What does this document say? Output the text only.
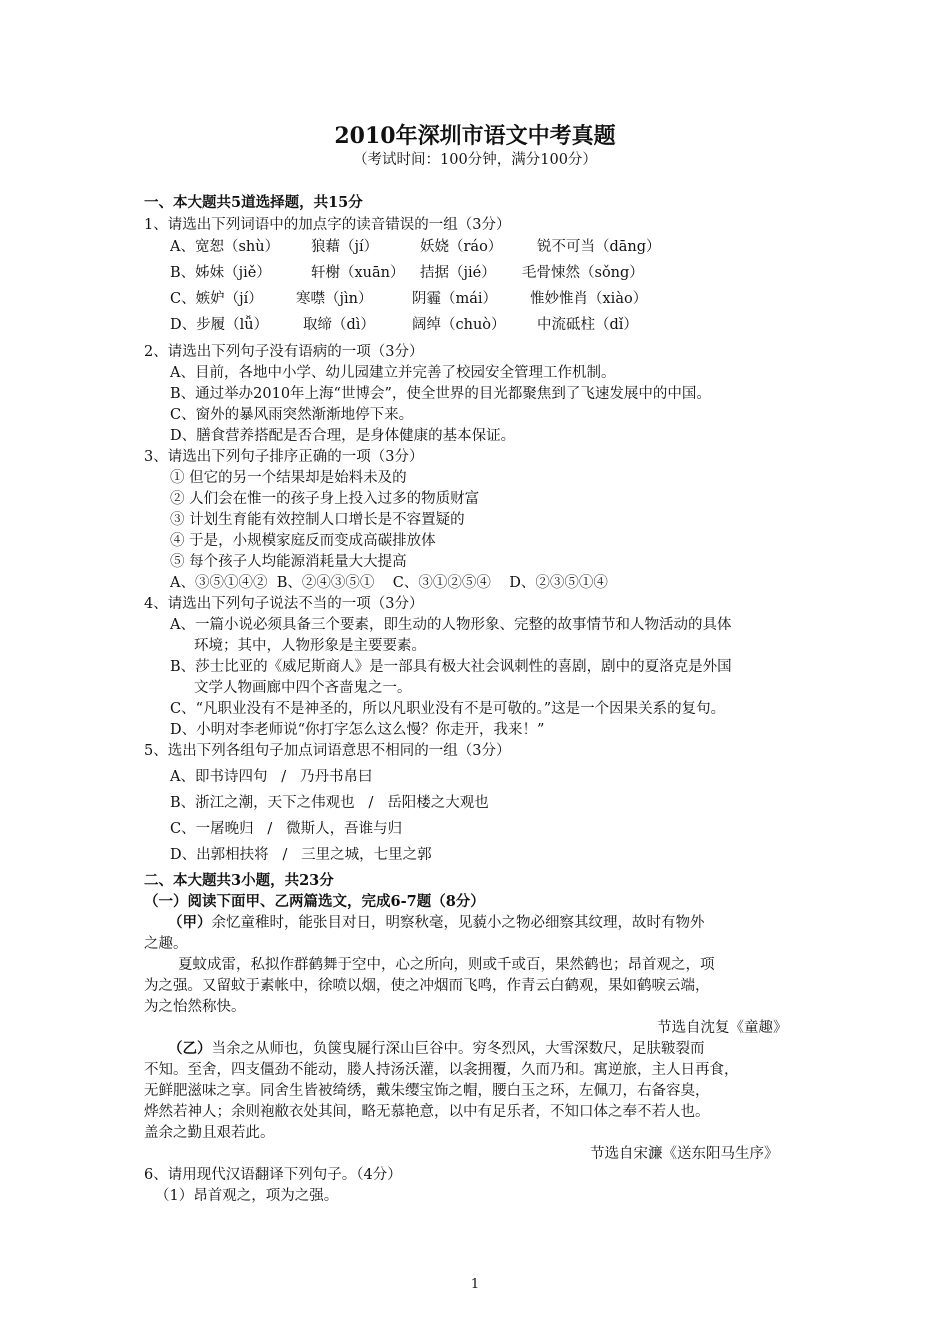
2010年深圳市语文中考真题
（考试时间：100分钟，满分100分）
一、本大题共5道选择题，共15分
1、请选出下列词语中的加点字的读音错误的一组（3分）
A、宽恕（shù） 狼藉（jí）	妖娆（ráo） 锐不可当（dāng）
B、姊妹（jiě）	轩榭（xuān） 拮据（jié） 毛骨悚然（sǒng）
C、嫉妒（jí） 寒噤（jìn）	阴霾（mái） 惟妙惟肖（xiào）
D、步履（lǚ） 取缔（dì）	阔绰（chuò） 中流砥柱（dǐ）
2、请选出下列句子没有语病的一项（3分）
A、目前，各地中小学、幼儿园建立并完善了校园安全管理工作机制。
B、通过举办2010年上海“世博会”，使全世界的目光都聚焦到了飞速发展中的中国。
C、窗外的暴风雨突然渐渐地停下来。
D、膳食营养搭配是否合理，是身体健康的基本保证。
3、请选出下列句子排序正确的一项（3分）
① 但它的另一个结果却是始料未及的
② 人们会在惟一的孩子身上投入过多的物质财富
③ 计划生育能有效控制人口增长是不容置疑的
④ 于是，小规模家庭反而变成高碳排放体
⑤ 每个孩子人均能源消耗量大大提高
A、③⑤①④②  B、②④③⑤①    C、③①②⑤④    D、②③⑤①④
4、请选出下列句子说法不当的一项（3分）
A、一篇小说必须具备三个要素，即生动的人物形象、完整的故事情节和人物活动的具体
环境；其中，人物形象是主要要素。
B、莎士比亚的《威尼斯商人》是一部具有极大社会讽刺性的喜剧，剧中的夏洛克是外国
文学人物画廊中四个吝啬鬼之一。
C、“凡职业没有不是神圣的，所以凡职业没有不是可敬的。”这是一个因果关系的复句。
D、小明对李老师说“你打字怎么这么慢？你走开，我来！”
5、选出下列各组句子加点词语意思不相同的一组（3分）
A、即书诗四句   /   乃丹书帛曰
B、浙江之潮，天下之伟观也   /   岳阳楼之大观也
C、一屠晚归   /   微斯人，吾谁与归
D、出郭相扶将   /   三里之城，七里之郭
二、本大题共3小题，共23分
（一）阅读下面甲、乙两篇选文，完成6-7题（8分）
（甲）余忆童稚时，能张目对日，明察秋毫，见藐小之物必细察其纹理，故时有物外
之趣。
夏蚊成雷，私拟作群鹤舞于空中，心之所向，则或千或百，果然鹤也；昂首观之，项
为之强。又留蚊于素帐中，徐喷以烟，使之冲烟而飞鸣，作青云白鹤观，果如鹤唳云端，
为之怡然称快。
节选自沈复《童趣》
（乙）当余之从师也，负箧曳屣行深山巨谷中。穷冬烈风，大雪深数尺，足肤皲裂而
不知。至舍，四支僵劲不能动，媵人持汤沃灌，以衾拥覆，久而乃和。寓逆旅，主人日再食，
无鲜肥滋味之享。同舍生皆被绮绣，戴朱缨宝饰之帽，腰白玉之环，左佩刀，右备容臭，
烨然若神人；余则袍敝衣处其间，略无慕艳意，以中有足乐者，不知口体之奉不若人也。
盖余之勤且艰若此。
节选自宋濂《送东阳马生序》
6、请用现代汉语翻译下列句子。（4分）
（1）昂首观之，项为之强。
1
